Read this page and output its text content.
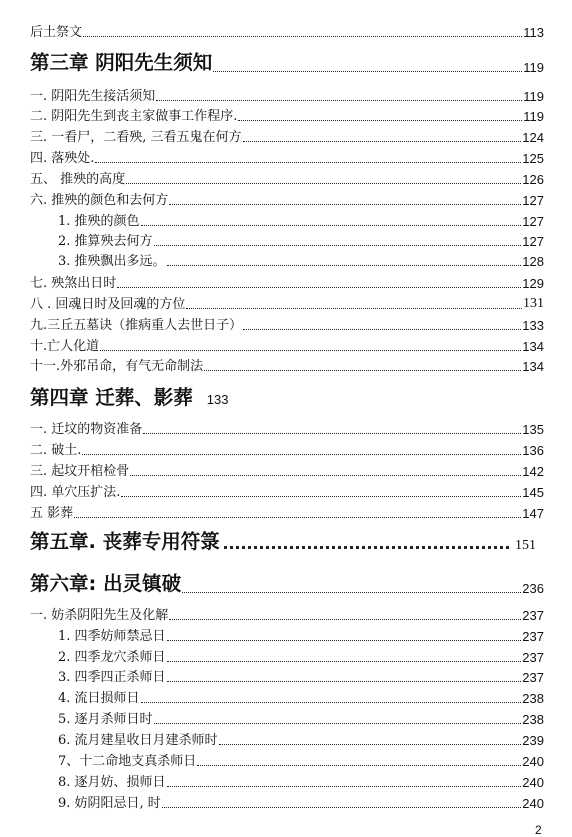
后土祭文	113
第三章 阴阳先生须知	119
一. 阴阳先生接活须知	119
二. 阴阳先生到丧主家做事工作程序.	119
三. 一看尸，二看殃, 三看五鬼在何方	124
四. 落殃处.	125
五、 推殃的高度	126
六. 推殃的颜色和去何方	127
1. 推殃的颜色	127
2. 推算殃去何方	127
3. 推殃飘出多远。	128
七. 殃煞出日时	129
八 . 回魂日时及回魂的方位	131
九.三丘五墓诀（推病重人去世日子）	133
十.亡人化道	134
十一.外邪吊命，有气无命制法	134
第四章 迁葬、影葬 133
一. 迁坟的物资准备	135
二. 破土.	136
三. 起坟开棺检骨	142
四. 单穴压扩法.	145
五 影葬	147
第五章. 丧葬专用符箓	151
第六章: 出灵镇破	236
一. 妨杀阴阳先生及化解	237
1. 四季妨师禁忌日	237
2. 四季龙穴杀师日	237
3. 四季四正杀师日	237
4. 流日损师日	238
5. 逐月杀师日时	238
6. 流月建星收日月建杀师时	239
7、十二命地支真杀师日	240
8. 逐月妨、损师日	240
9. 妨阴阳忌日, 时	240
2
